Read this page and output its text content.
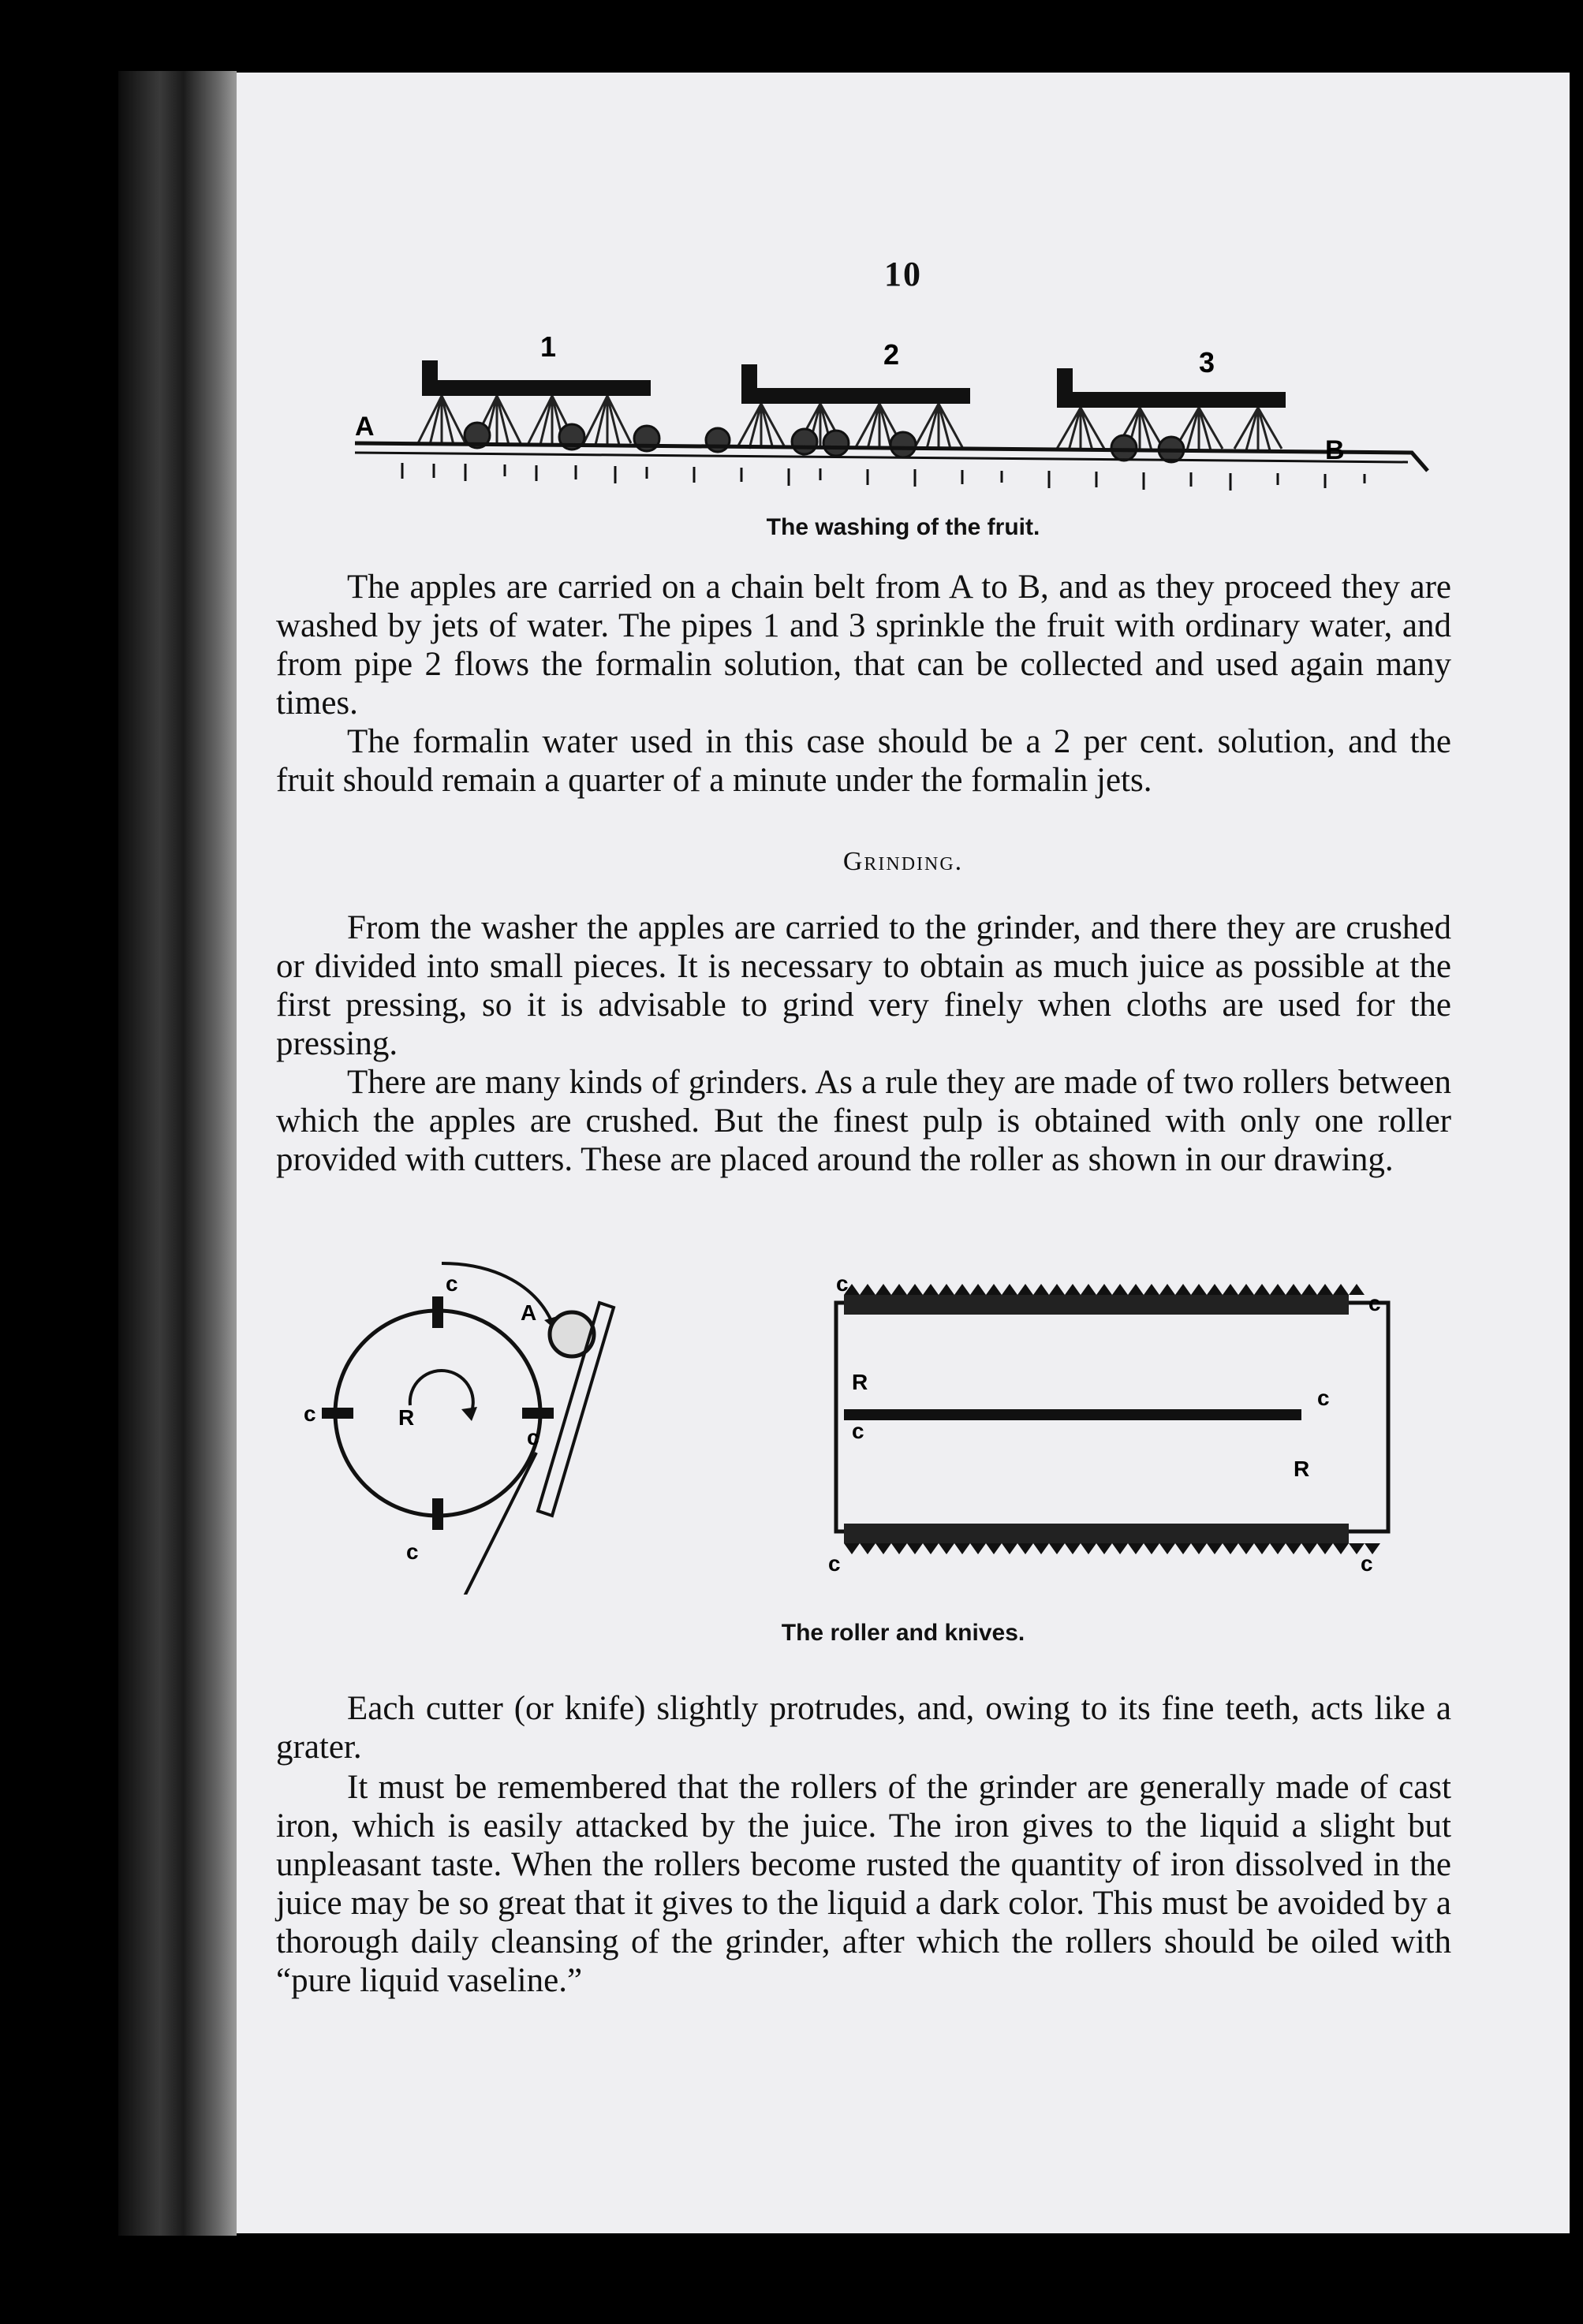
10
A
B
1	2	3
The washing of the fruit.

The apples are carried on a chain belt from A to B, and as they proceed they are washed by jets of water. The pipes 1 and 3 sprinkle the fruit with ordinary water, and from pipe 2 flows the formalin solution, that can be collected and used again many times.

The formalin water used in this case should be a 2 per cent. solution, and the fruit should remain a quarter of a minute under the formalin jets.

Grinding.

From the washer the apples are carried to the grinder, and there they are crushed or divided into small pieces. It is necessary to obtain as much juice as possible at the first pressing, so it is advisable to grind very finely when cloths are used for the pressing.

There are many kinds of grinders. As a rule they are made of two rollers between which the apples are crushed. But the finest pulp is obtained with only one roller provided with cutters. These are placed around the roller as shown in our drawing.

c
c
c
c
R
A
c
c
c
c
c	c
R
R
The roller and knives.

Each cutter (or knife) slightly protrudes, and, owing to its fine teeth, acts like a grater.

It must be remembered that the rollers of the grinder are generally made of cast iron, which is easily attacked by the juice. The iron gives to the liquid a slight but unpleasant taste. When the rollers become rusted the quantity of iron dissolved in the juice may be so great that it gives to the liquid a dark color. This must be avoided by a thorough daily cleansing of the grinder, after which the rollers should be oiled with “pure liquid vaseline.”
